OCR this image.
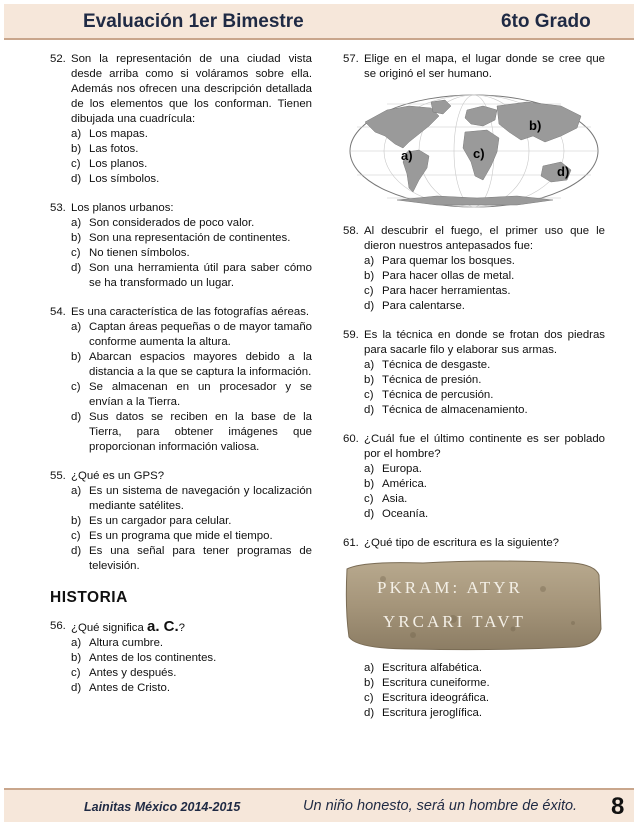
Evaluación 1er Bimestre	6to Grado
52. Son la representación de una ciudad vista desde arriba como si voláramos sobre ella. Además nos ofrecen una descripción detallada de los elementos que los conforman. Tienen dibujada una cuadrícula:
a) Los mapas.
b) Las fotos.
c) Los planos.
d) Los símbolos.
53. Los planos urbanos:
a) Son considerados de poco valor.
b) Son una representación de continentes.
c) No tienen símbolos.
d) Son una herramienta útil para saber cómo se ha transformado un lugar.
54. Es una característica de las fotografías aéreas.
a) Captan áreas pequeñas o de mayor tamaño conforme aumenta la altura.
b) Abarcan espacios mayores debido a la distancia a la que se captura la información.
c) Se almacenan en un procesador y se envían a la Tierra.
d) Sus datos se reciben en la base de la Tierra, para obtener imágenes que proporcionan información valiosa.
55. ¿Qué es un GPS?
a) Es un sistema de navegación y localización mediante satélites.
b) Es un cargador para celular.
c) Es un programa que mide el tiempo.
d) Es una señal para tener programas de televisión.
HISTORIA
56. ¿Qué significa a. C.?
a) Altura cumbre.
b) Antes de los continentes.
c) Antes y después.
d) Antes de Cristo.
57. Elige en el mapa, el lugar donde se cree que se originó el ser humano.
a)
b)
c)
d)
58. Al descubrir el fuego, el primer uso que le dieron nuestros antepasados fue:
a) Para quemar los bosques.
b) Para hacer ollas de metal.
c) Para hacer herramientas.
d) Para calentarse.
59. Es la técnica en donde se frotan dos piedras para sacarle filo y elaborar sus armas.
a) Técnica de desgaste.
b) Técnica de presión.
c) Técnica de percusión.
d) Técnica de almacenamiento.
60. ¿Cuál fue el último continente es ser poblado por el hombre?
a) Europa.
b) América.
c) Asia.
d) Oceanía.
61. ¿Qué tipo de escritura es la siguiente?
PKRAM: ATYR
YRCARI TAVT
a) Escritura alfabética.
b) Escritura cuneiforme.
c) Escritura ideográfica.
d) Escritura jeroglífica.
Lainitas México 2014-2015	Un niño honesto, será un hombre de éxito. 8
